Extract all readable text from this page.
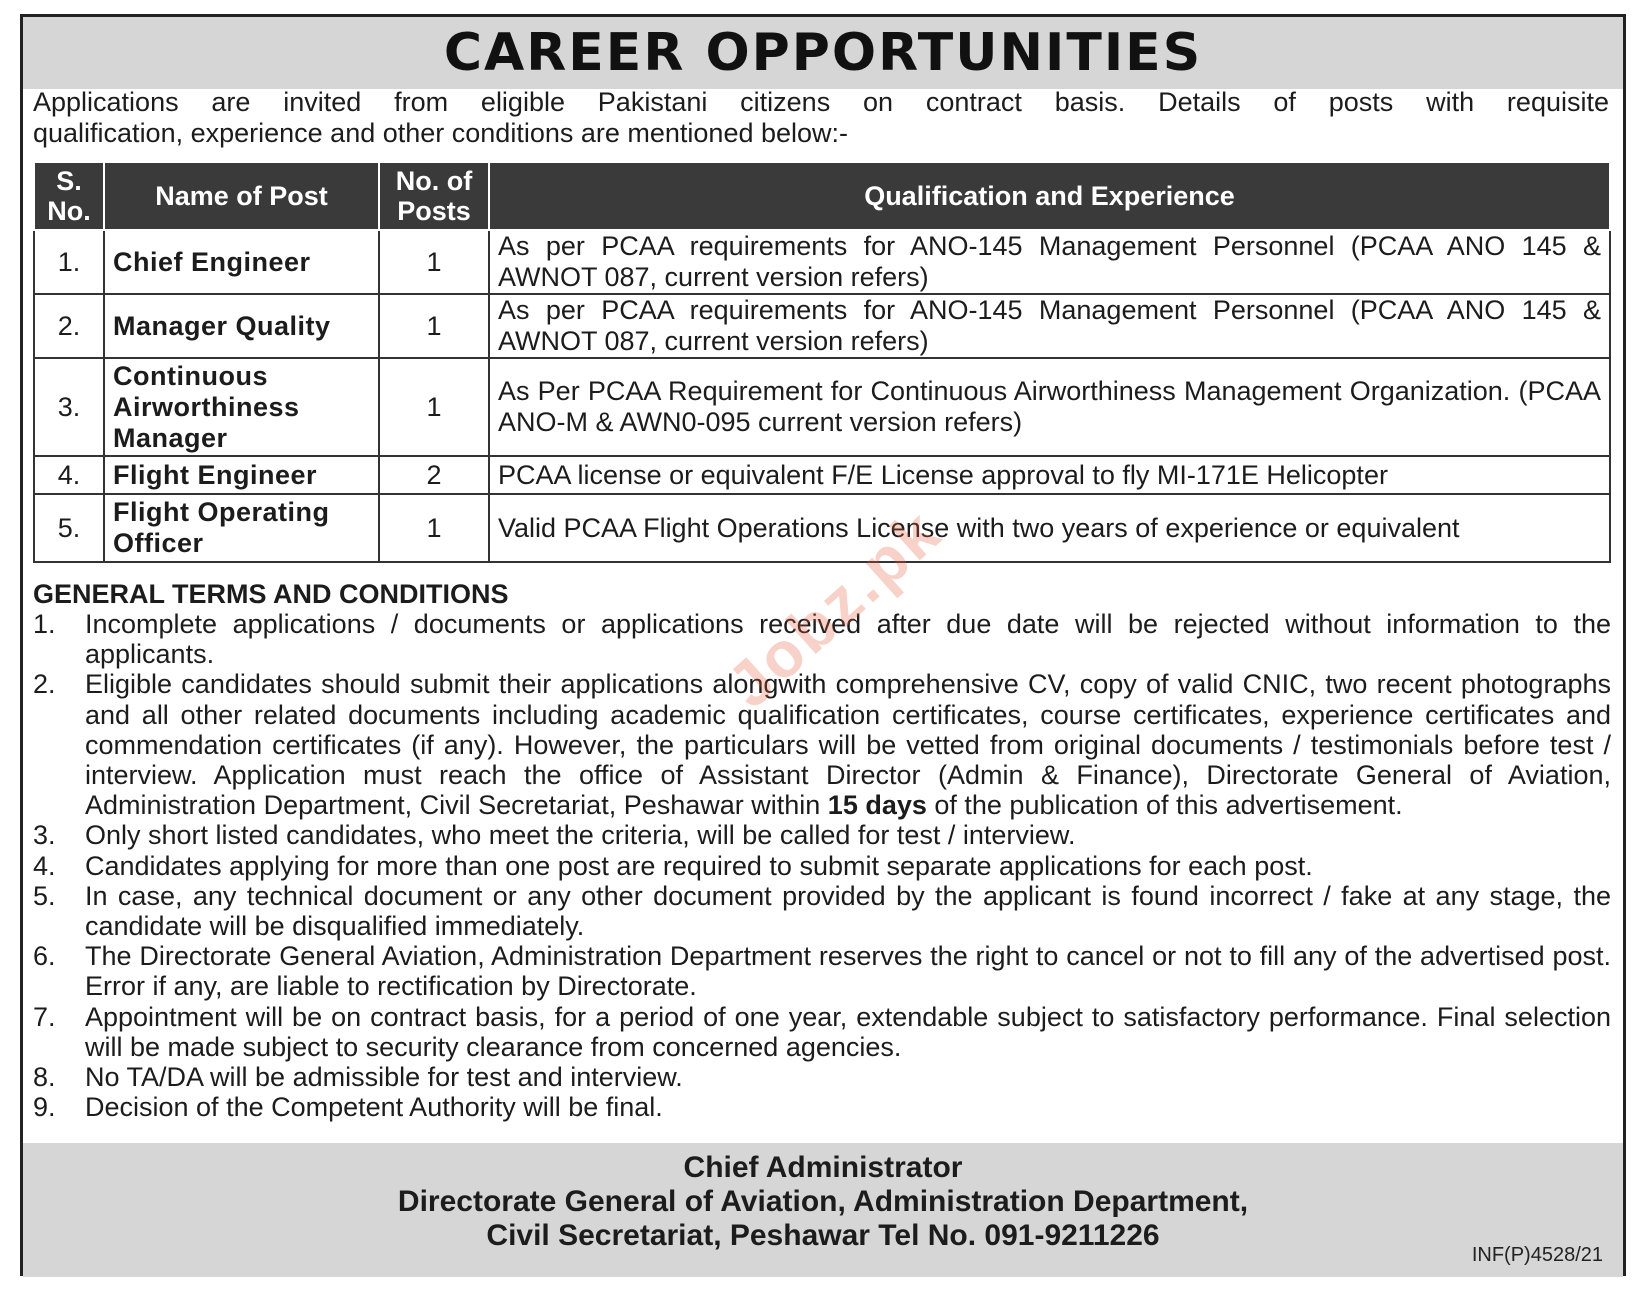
CAREER OPPORTUNITIES
Applications are invited from eligible Pakistani citizens on contract basis. Details of posts with requisite
qualification, experience and other conditions are mentioned below:-
S. No.	Name of Post	No. of Posts	Qualification and Experience
1.	Chief Engineer	1	As per PCAA requirements for ANO-145 Management Personnel (PCAA ANO 145 & AWNOT 087, current version refers)
2.	Manager Quality	1	As per PCAA requirements for ANO-145 Management Personnel (PCAA ANO 145 & AWNOT 087, current version refers)
3.	Continuous Airworthiness Manager	1	As Per PCAA Requirement for Continuous Airworthiness Management Organization. (PCAA ANO-M & AWN0-095 current version refers)
4.	Flight Engineer	2	PCAA license or equivalent F/E License approval to fly MI-171E Helicopter
5.	Flight Operating Officer	1	Valid PCAA Flight Operations License with two years of experience or equivalent
GENERAL TERMS AND CONDITIONS
1.	Incomplete applications / documents or applications received after due date will be rejected without information to the applicants.
2.	Eligible candidates should submit their applications alongwith comprehensive CV, copy of valid CNIC, two recent photographs and all other related documents including academic qualification certificates, course certificates, experience certificates and commendation certificates (if any). However, the particulars will be vetted from original documents / testimonials before test / interview. Application must reach the office of Assistant Director (Admin & Finance), Directorate General of Aviation, Administration Department, Civil Secretariat, Peshawar within 15 days of the publication of this advertisement.
3.	Only short listed candidates, who meet the criteria, will be called for test / interview.
4.	Candidates applying for more than one post are required to submit separate applications for each post.
5.	In case, any technical document or any other document provided by the applicant is found incorrect / fake at any stage, the candidate will be disqualified immediately.
6.	The Directorate General Aviation, Administration Department reserves the right to cancel or not to fill any of the advertised post. Error if any, are liable to rectification by Directorate.
7.	Appointment will be on contract basis, for a period of one year, extendable subject to satisfactory performance. Final selection will be made subject to security clearance from concerned agencies.
8.	No TA/DA will be admissible for test and interview.
9.	Decision of the Competent Authority will be final.
Jobz.pk
Chief Administrator
Directorate General of Aviation, Administration Department,
Civil Secretariat, Peshawar Tel No. 091-9211226
INF(P)4528/21
